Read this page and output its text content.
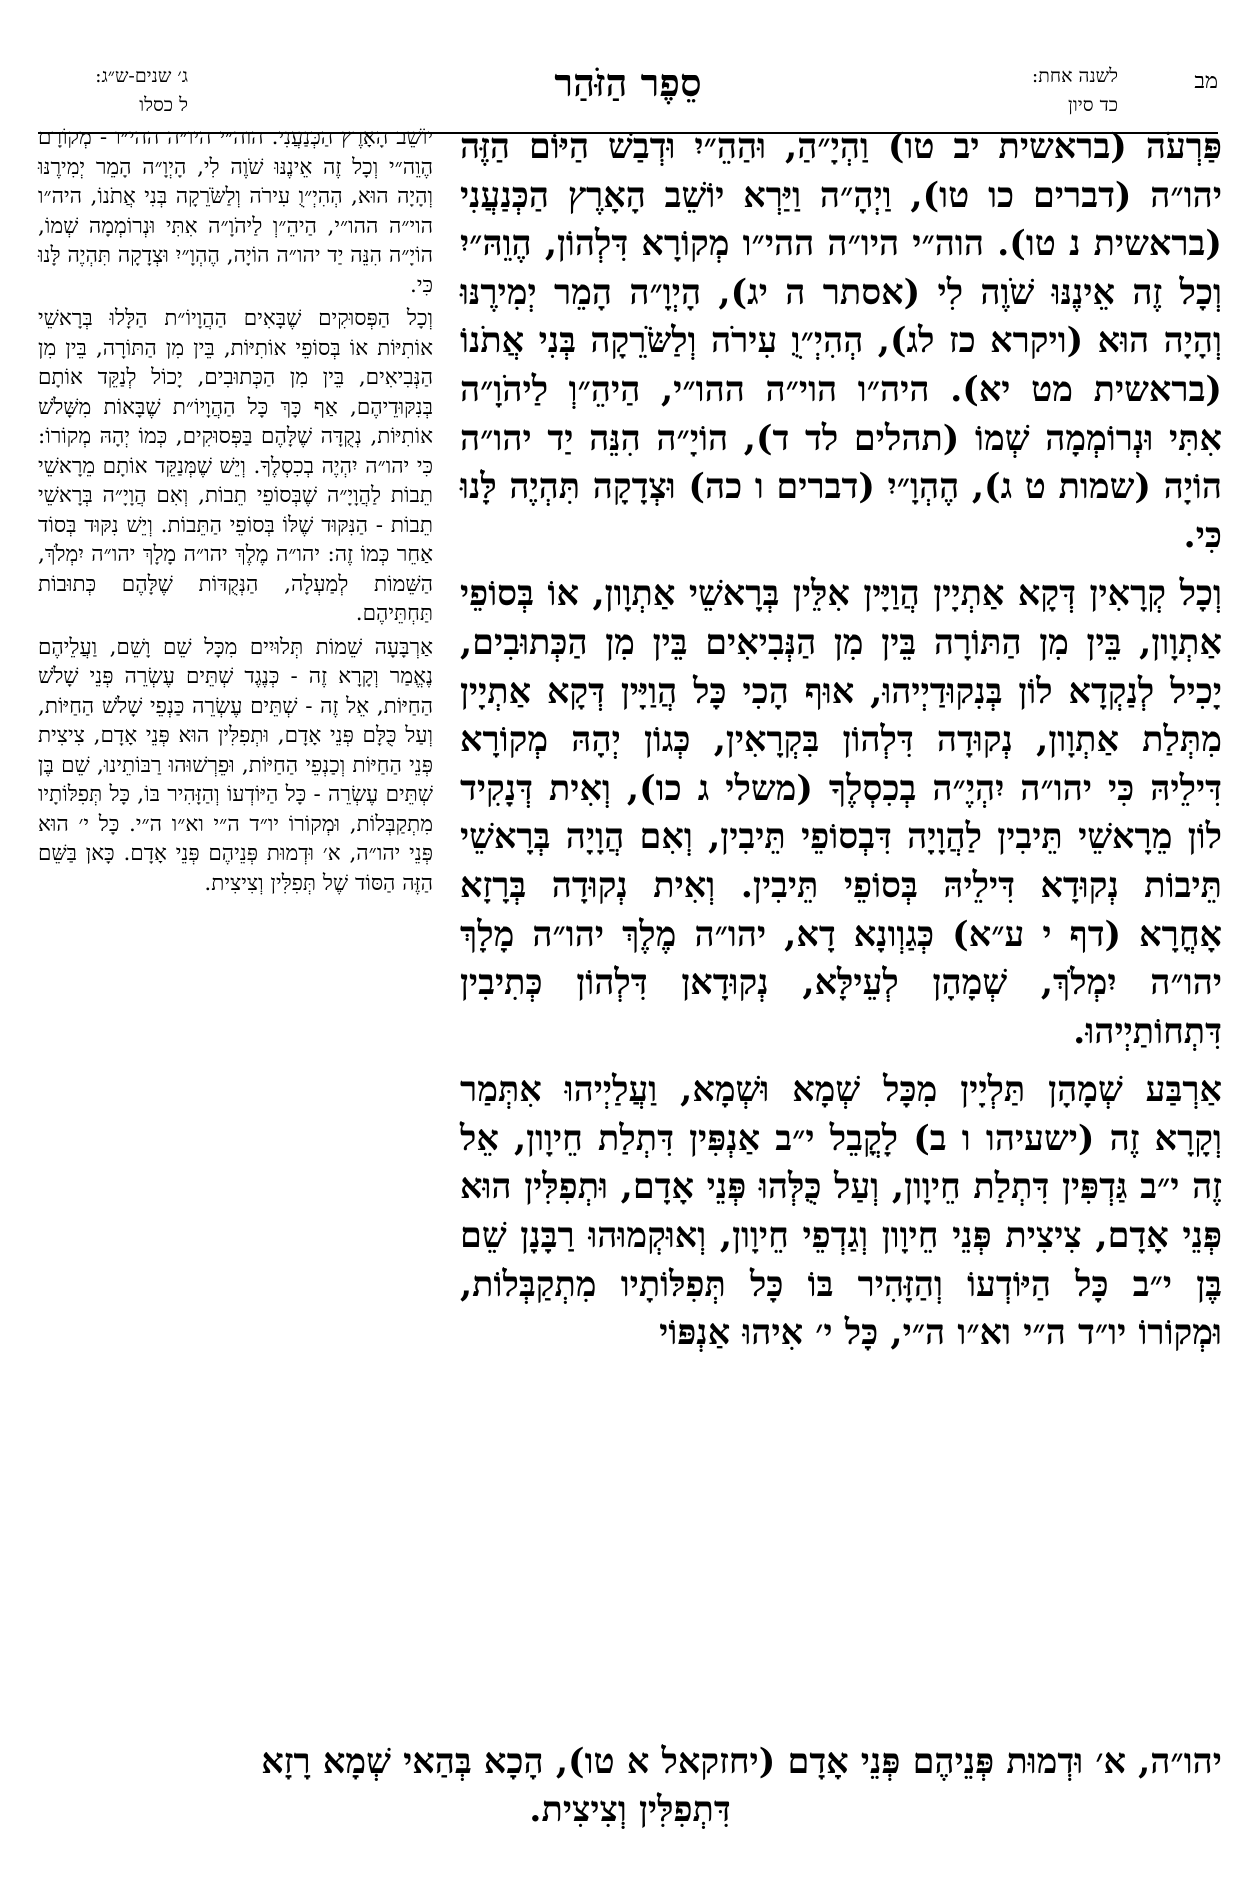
מב
לשנה אחת:
כד סיון
סֵפֶר הַזֹּהַר
ג׳ שנים-ש״ג:
ל כסלו

פַּרְעֹה (בראשית יב טו) וַהְיָ״הַ, וּהַהֵ״יִ וּדְבַשׁ הַיּוֹם הַזֶּה יהו״ה (דברים כו טו), וַיְהָ״ה וַיַּרְא יוֹשֵׁב הָאָרֶץ הַכְּנַעֲנִי (בראשית נ טו). הוה״י היו״ה ההי״ו מְקוֹרָא דִּלְהוֹן, הֶוֵהּ״יִ וְכָל זֶה אֵינֶנּוּ שֹׁוֶה לִי (אסתר ה יג), הָיְוָ״ה הָמֵר יְמִירֶנּוּ וְהָיָה הוּא (ויקרא כז לג), הְהִיְ״וֻ עִירֹה וְלַשֹּׂרֵקָה בְּנִי אֲתֹנוֹ (בראשית מט יא). היה״ו הוי״ה ההו״י, הַיהֵ״וְ לַיהֹוָ״ה אִתִּי וּנְרוֹמְמָה שְׁמוֹ (תהלים לד ד), הוֹיָ״ה הִנֵּה יַד יהו״ה הוֹיָה (שמות ט ג), הֶהְוָ״יִ (דברים ו כה) וּצְדָקָה תִּהְיֶה לָּנוּ כִּי.

וְכָל קְרָאִין דְּקָא אַתְיָין הֲוַיָּין אִלֵּין בְּרָאשֵׁי אַתְוָון, אוֹ בְּסוֹפֵי אַתְוָון, בֵּין מִן הַתּוֹרָה בֵּין מִן הַנְּבִיאִים בֵּין מִן הַכְּתוּבִים, יָכִיל לְנַקְדָא לוֹן בְּנִקוּדַיְיהוּ, אוּף הָכִי כָּל הֲוַיָּין דְּקָא אַתְיָין מִתְּלַת אַתְוָון, נְקוּדָה דִּלְהוֹן בִּקְרָאִין, כְּגוֹן יְהָהּ מְקוֹרָא דִּילֵיהּ כִּי יהו״ה יִהְיֶ״ה בְכִסְלֶךָ (משלי ג כו), וְאִית דְּנָקִיד לוֹן מֵרָאשֵׁי תֵּיבִין לַהֲוָיָה דִּבְסוֹפֵי תֵּיבִין, וְאִם הֲוָיָה בְּרָאשֵׁי תֵּיבוֹת נְקוּדָא דִּילֵיהּ בְּסוֹפֵי תֵּיבִין. וְאִית נְקוּדָה בְּרָזָא אָחֳרָא (דף י ע״א) כְּגַוְונָא דָא, יהו״ה מֶלֶךְ יהו״ה מָלָךְ יהו״ה יִמְלֹךְ, שְׁמָהָן לְעֵילָּא, נְקוּדָאן דִּלְהוֹן כְּתִיבִין דִּתְחוֹתַיְיהוּ.

אַרְבַּע שְׁמָהָן תַּלְיָין מִכָּל שְׁמָא וּשְׁמָא, וַעֲלַיְיהוּ אִתְּמַר וְקָרָא זֶה (ישעיהו ו ב) לָקֳבֵל י״ב אַנְפִּין דִּתְלַת חֵיוָון, אֵל זֶה י״ב גַּדְפִּין דִּתְלַת חֵיוָון, וְעַל כֻּלְּהוּ פְּנֵי אָדָם, וּתְפִלִּין הוּא פְּנֵי אָדָם, צִיצִית פְּנֵי חֵיוָון וְגַדְפֵי חֵיוָון, וְאוּקְמוּהוּ רַבָּנָן שֵׁם בֶּן י״ב כָּל הַיּוֹדְעוֹ וְהַזָּהִיר בּוֹ כָּל תְּפִלּוֹתָיו מִתְקַבְּלוֹת, וּמְקוֹרוֹ יו״ד ה״י וא״ו ה״י, כָּל י׳ אִיהוּ אַנְפּוֹי

יוֹשֵׁב הָאָרֶץ הַכְּנַעֲנִי. הוה״י היו״ה ההי״ו - מְקוֹרָם הֶוֵה״י וְכָל זֶה אֵינֶנּוּ שֹׁוֶה לִי, הָיְוָ״ה הָמֵר יְמִירֶנּוּ וְהָיָה הוּא, הְהִיְ״וֻ עִירֹה וְלַשֹּׂרֵקָה בְּנִי אֲתֹנוֹ, היה״ו הוי״ה ההו״י, הַיהֵ״וְ לַיהֹוָ״ה אִתִּי וּנְרוֹמְמָה שְׁמוֹ, הוֹיָ״ה הִנֵּה יַד יהו״ה הוֹיָה, הֶהְוָ״יִ וּצְדָקָה תִּהְיֶה לָּנוּ כִּי.

וְכָל הַפְּסוּקִים שֶׁבָּאִים הַהֲוָיוֹ״ת הַלָּלוּ בְּרָאשֵׁי אוֹתִיּוֹת אוֹ בְּסוֹפֵי אוֹתִיּוֹת, בֵּין מִן הַתּוֹרָה, בֵּין מִן הַנְּבִיאִים, בֵּין מִן הַכְּתוּבִים, יָכוֹל לְנַקֵּד אוֹתָם בְּנִקּוּדֵיהֶם, אַף כָּךְ כָּל הַהֲוָיוֹ״ת שֶׁבָּאוֹת מִשָּׁלֹשׁ אוֹתִיּוֹת, נְקֻדָּה שֶׁלָּהֶם בַּפְּסוּקִים, כְּמוֹ יְהָהּ מְקוֹרוֹ: כִּי יהו״ה יִהְיֶה בְכִסְלֶךָ. וְיֵשׁ שֶׁמְּנַקֵּד אוֹתָם מֵרָאשֵׁי תֵבוֹת לַהֲוָיָ״ה שֶׁבְּסוֹפֵי תֵבוֹת, וְאִם הֲוָיָ״ה בְּרָאשֵׁי תֵבוֹת - הַנִּקּוּד שֶׁלּוֹ בְּסוֹפֵי הַתֵּבוֹת. וְיֵשׁ נִקּוּד בְּסוֹד אַחֵר כְּמוֹ זֶה: יהו״ה מֶלֶךְ יהו״ה מָלָךְ יהו״ה יִמְלֹךְ, הַשֵּׁמוֹת לְמַעְלָה, הַנְּקֻדּוֹת שֶׁלָּהֶם כְּתוּבוֹת תַּחְתֵּיהֶם.

אַרְבָּעָה שֵׁמוֹת תְּלוּיִים מִכָּל שֵׁם וָשֵׁם, וַעֲלֵיהֶם נֶאֱמַר וְקָרָא זֶה - כְּנֶגֶד שְׁתֵּים עֶשְׂרֵה פְּנֵי שָׁלֹשׁ הַחַיּוֹת, אֵל זֶה - שְׁתֵּים עֶשְׂרֵה כַּנְפֵי שָׁלֹשׁ הַחַיּוֹת, וְעַל כֻּלָּם פְּנֵי אָדָם, וּתְפִלִּין הוּא פְּנֵי אָדָם, צִיצִית פְּנֵי הַחַיּוֹת וְכַנְפֵי הַחַיּוֹת, וּפֵרְשׁוּהוּ רַבּוֹתֵינוּ, שֵׁם בֶּן שְׁתֵּים עֶשְׂרֵה - כָּל הַיּוֹדְעוֹ וְהַזָּהִיר בּוֹ, כָּל תְּפִלּוֹתָיו מִתְקַבְּלוֹת, וּמְקוֹרוֹ יו״ד ה״י וא״ו ה״י. כָּל י׳ הוּא פְּנֵי יהו״ה, א׳ וּדְמוּת פְּנֵיהֶם פְּנֵי אָדָם. כָּאן בַּשֵּׁם הַזֶּה הַסּוֹד שֶׁל תְּפִלִּין וְצִיצִית.

יהו״ה, א׳ וּדְמוּת פְּנֵיהֶם פְּנֵי אָדָם (יחזקאל א טו), הָכָא בְּהַאי שְׁמָא רָזָא
דִּתְפִלִּין וְצִיצִית.
